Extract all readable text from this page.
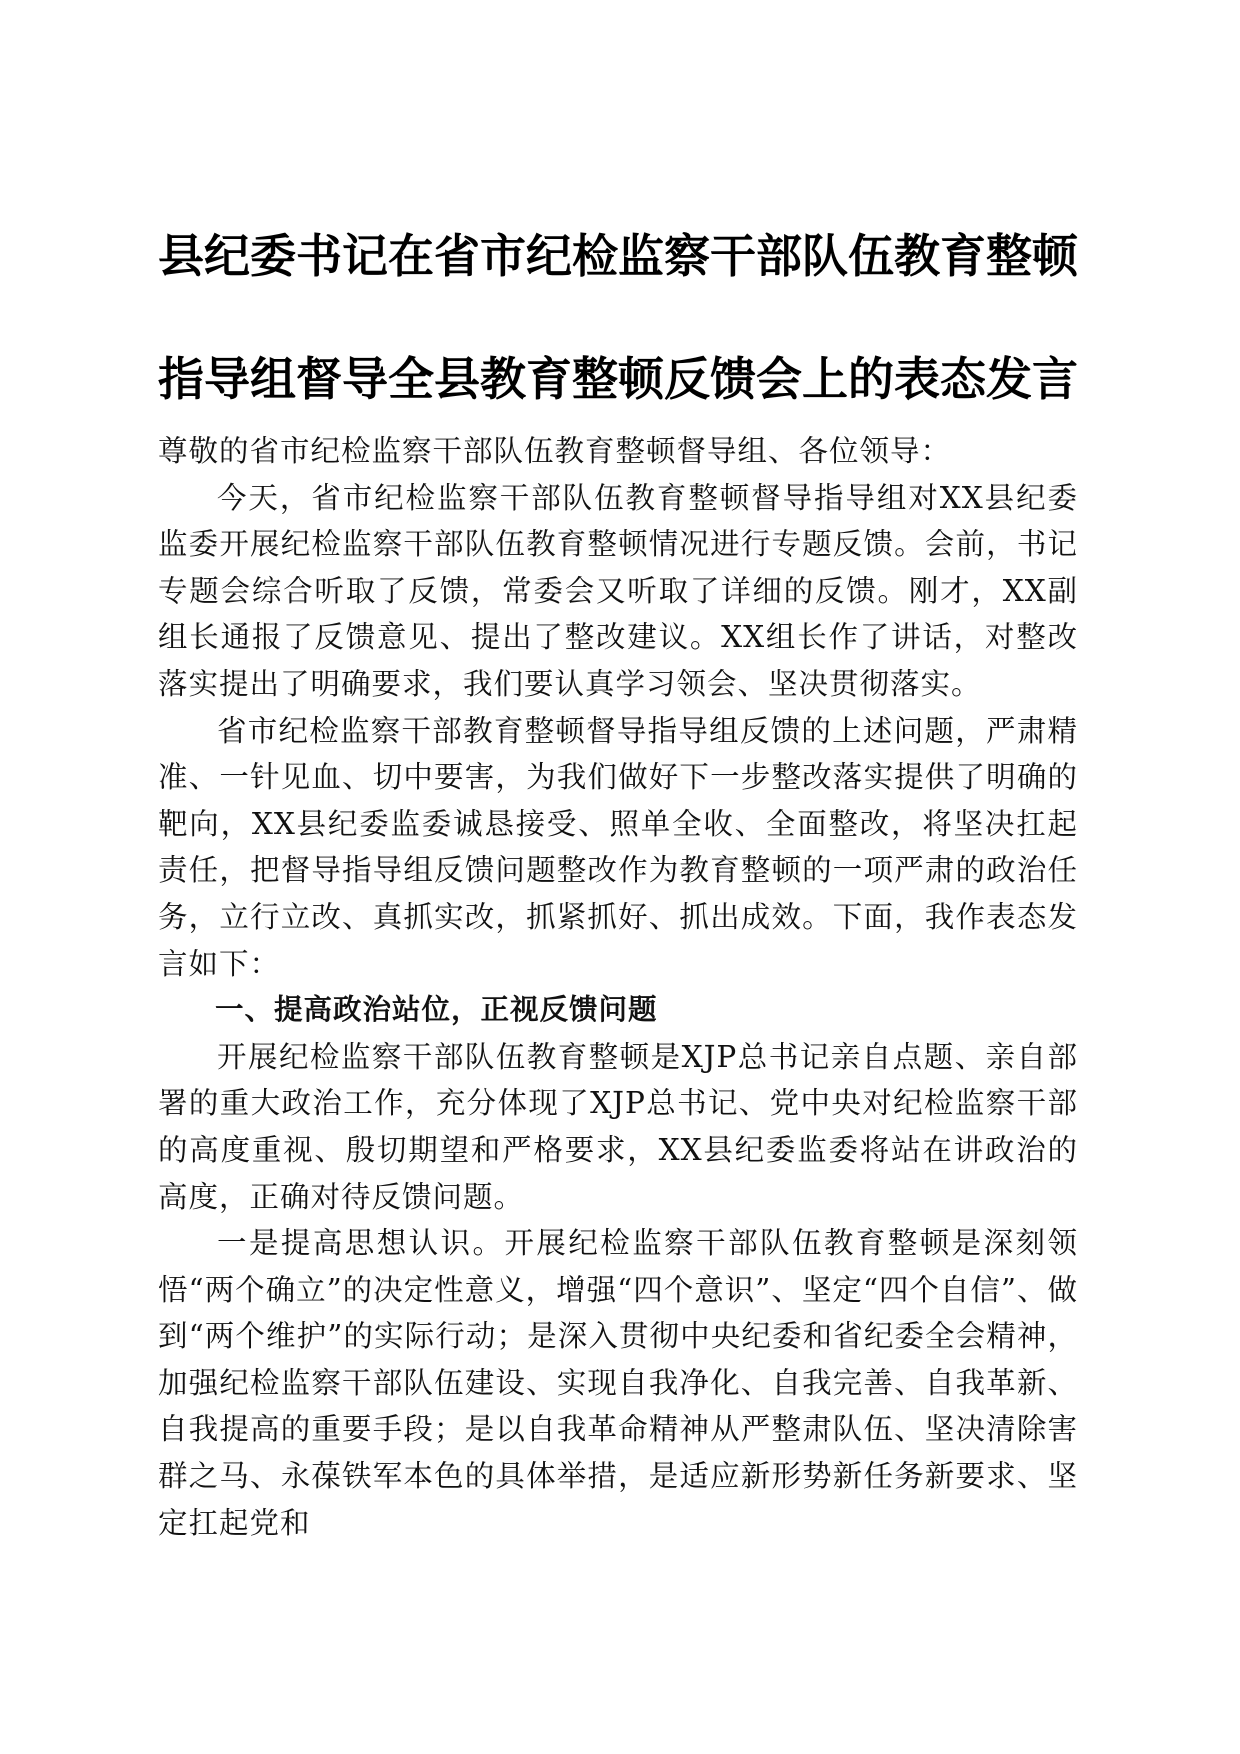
县纪委书记在省市纪检监察干部队伍教育整顿
指导组督导全县教育整顿反馈会上的表态发言

尊敬的省市纪检监察干部队伍教育整顿督导组、各位领导：

今天，省市纪检监察干部队伍教育整顿督导指导组对XX县纪委监委开展纪检监察干部队伍教育整顿情况进行专题反馈。会前，书记专题会综合听取了反馈，常委会又听取了详细的反馈。刚才，XX副组长通报了反馈意见、提出了整改建议。XX组长作了讲话，对整改落实提出了明确要求，我们要认真学习领会、坚决贯彻落实。

省市纪检监察干部教育整顿督导指导组反馈的上述问题，严肃精准、一针见血、切中要害，为我们做好下一步整改落实提供了明确的靶向，XX县纪委监委诚恳接受、照单全收、全面整改，将坚决扛起责任，把督导指导组反馈问题整改作为教育整顿的一项严肃的政治任务，立行立改、真抓实改，抓紧抓好、抓出成效。下面，我作表态发言如下：

一、提高政治站位，正视反馈问题

开展纪检监察干部队伍教育整顿是XJP总书记亲自点题、亲自部署的重大政治工作，充分体现了XJP总书记、党中央对纪检监察干部的高度重视、殷切期望和严格要求，XX县纪委监委将站在讲政治的高度，正确对待反馈问题。

一是提高思想认识。开展纪检监察干部队伍教育整顿是深刻领悟“两个确立”的决定性意义，增强“四个意识”、坚定“四个自信”、做到“两个维护”的实际行动；是深入贯彻中央纪委和省纪委全会精神，加强纪检监察干部队伍建设、实现自我净化、自我完善、自我革新、自我提高的重要手段；是以自我革命精神从严整肃队伍、坚决清除害群之马、永葆铁军本色的具体举措，是适应新形势新任务新要求、坚定扛起党和
